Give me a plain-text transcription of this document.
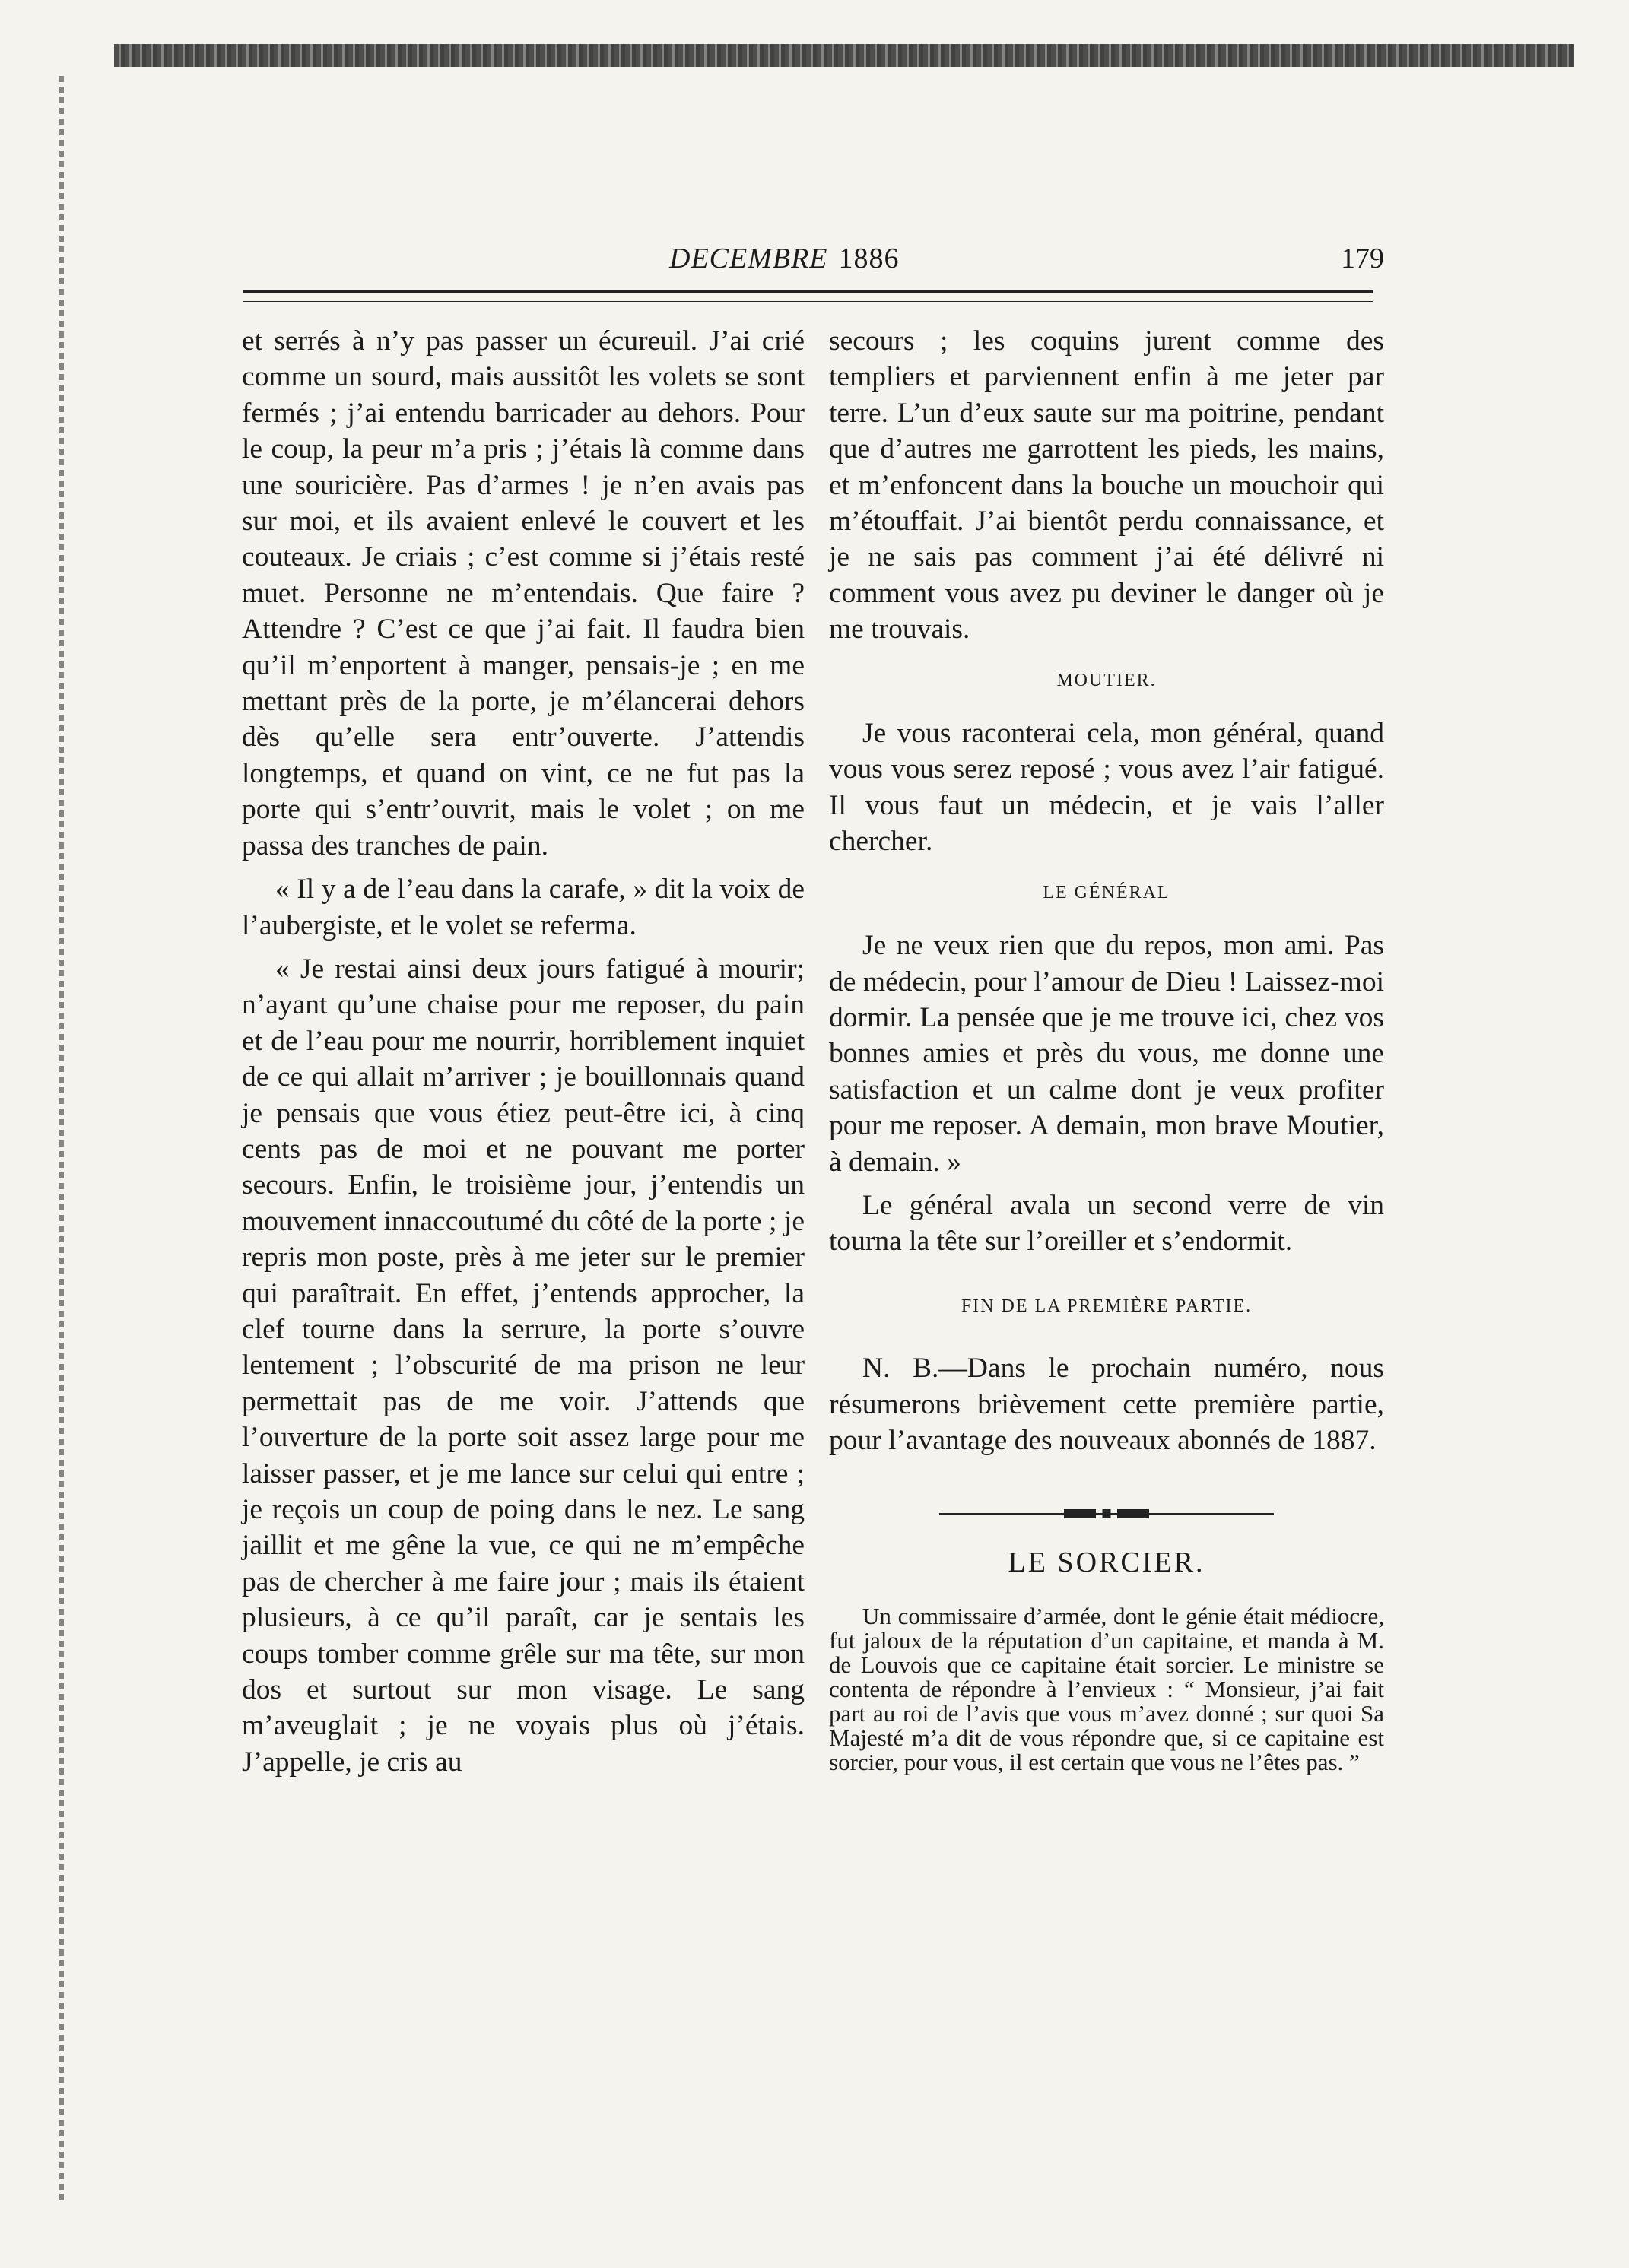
DECEMBRE 1886	179

et serrés à n’y pas passer un écureuil. J’ai crié comme un sourd, mais aussitôt les volets se sont fermés ; j’ai entendu barricader au dehors. Pour le coup, la peur m’a pris ; j’étais là comme dans une souricière. Pas d’armes ! je n’en avais pas sur moi, et ils avaient enlevé le couvert et les couteaux. Je criais ; c’est comme si j’étais resté muet. Personne ne m’entendais. Que faire ? Attendre ? C’est ce que j’ai fait. Il faudra bien qu’il m’enportent à manger, pensais-je ; en me mettant près de la porte, je m’élancerai dehors dès qu’elle sera entr’ouverte. J’attendis longtemps, et quand on vint, ce ne fut pas la porte qui s’entr’ouvrit, mais le volet ; on me passa des tranches de pain.

« Il y a de l’eau dans la carafe, » dit la voix de l’aubergiste, et le volet se referma.

« Je restai ainsi deux jours fatigué à mourir; n’ayant qu’une chaise pour me reposer, du pain et de l’eau pour me nourrir, horriblement inquiet de ce qui allait m’arriver ; je bouillonnais quand je pensais que vous étiez peut-être ici, à cinq cents pas de moi et ne pouvant me porter secours. Enfin, le troisième jour, j’entendis un mouvement innaccoutumé du côté de la porte ; je repris mon poste, près à me jeter sur le premier qui paraîtrait. En effet, j’entends approcher, la clef tourne dans la serrure, la porte s’ouvre lentement ; l’obscurité de ma prison ne leur permettait pas de me voir. J’attends que l’ouverture de la porte soit assez large pour me laisser passer, et je me lance sur celui qui entre ; je reçois un coup de poing dans le nez. Le sang jaillit et me gêne la vue, ce qui ne m’empêche pas de chercher à me faire jour ; mais ils étaient plusieurs, à ce qu’il paraît, car je sentais les coups tomber comme grêle sur ma tête, sur mon dos et surtout sur mon visage. Le sang m’aveuglait ; je ne voyais plus où j’étais. J’appelle, je cris au

secours ; les coquins jurent comme des templiers et parviennent enfin à me jeter par terre. L’un d’eux saute sur ma poitrine, pendant que d’autres me garrottent les pieds, les mains, et m’enfoncent dans la bouche un mouchoir qui m’étouffait. J’ai bientôt perdu connaissance, et je ne sais pas comment j’ai été délivré ni comment vous avez pu deviner le danger où je me trouvais.

MOUTIER.

Je vous raconterai cela, mon général, quand vous vous serez reposé ; vous avez l’air fatigué. Il vous faut un médecin, et je vais l’aller chercher.

LE GÉNÉRAL

Je ne veux rien que du repos, mon ami. Pas de médecin, pour l’amour de Dieu ! Laissez-moi dormir. La pensée que je me trouve ici, chez vos bonnes amies et près du vous, me donne une satisfaction et un calme dont je veux profiter pour me reposer. A demain, mon brave Moutier, à demain. »

Le général avala un second verre de vin tourna la tête sur l’oreiller et s’endormit.

FIN DE LA PREMIÈRE PARTIE.

N. B.—Dans le prochain numéro, nous résumerons brièvement cette première partie, pour l’avantage des nouveaux abonnés de 1887.

LE SORCIER.

Un commissaire d’armée, dont le génie était médiocre, fut jaloux de la réputation d’un capitaine, et manda à M. de Louvois que ce capitaine était sorcier. Le ministre se contenta de répondre à l’envieux : “ Monsieur, j’ai fait part au roi de l’avis que vous m’avez donné ; sur quoi Sa Majesté m’a dit de vous répondre que, si ce capitaine est sorcier, pour vous, il est certain que vous ne l’êtes pas. ”
